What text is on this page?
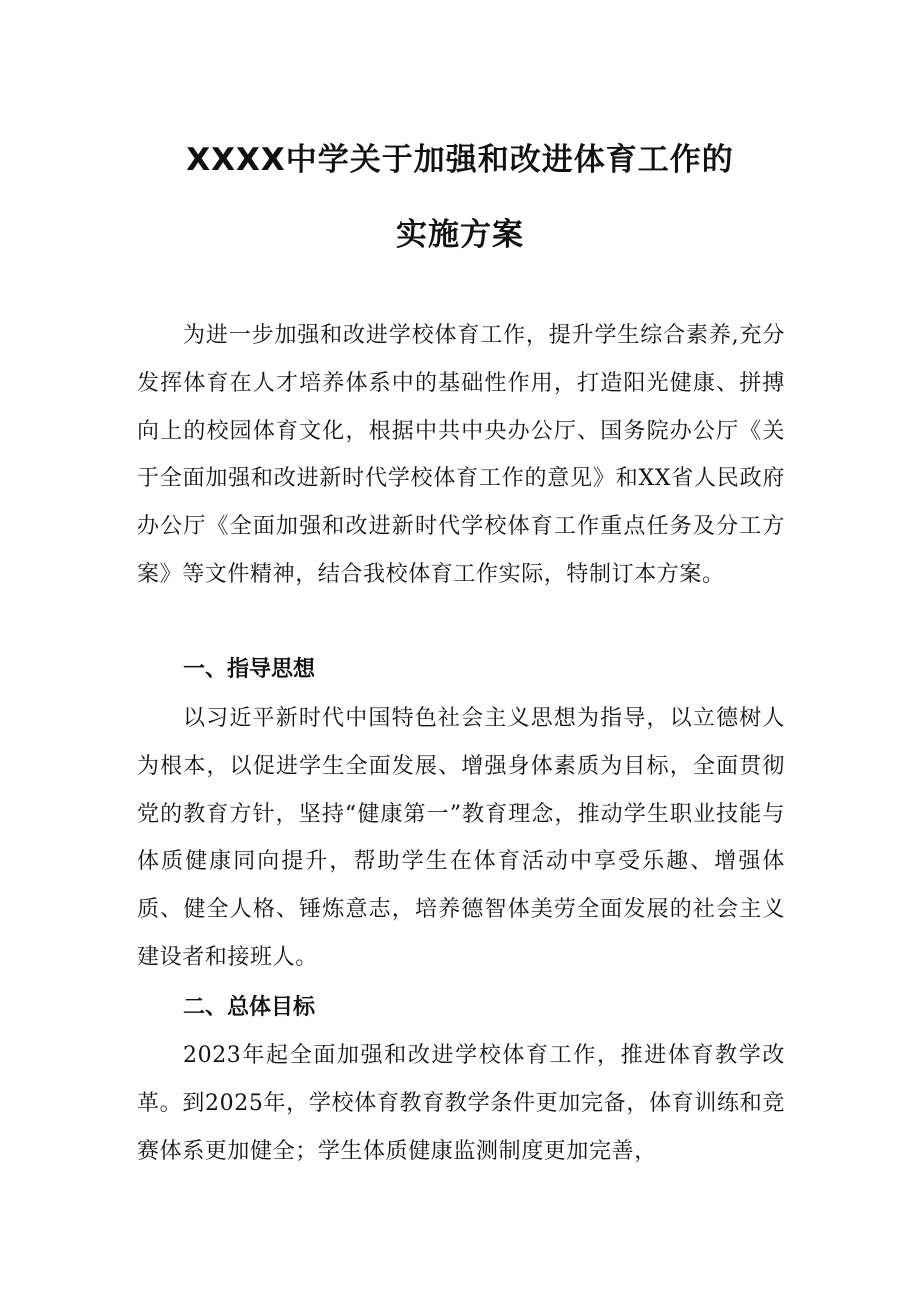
XXXX中学关于加强和改进体育工作的
实施方案

为进一步加强和改进学校体育工作，提升学生综合素养,充分发挥体育在人才培养体系中的基础性作用，打造阳光健康、拼搏向上的校园体育文化，根据中共中央办公厅、国务院办公厅《关于全面加强和改进新时代学校体育工作的意见》和XX省人民政府办公厅《全面加强和改进新时代学校体育工作重点任务及分工方案》等文件精神，结合我校体育工作实际，特制订本方案。

一、指导思想

以习近平新时代中国特色社会主义思想为指导，以立德树人为根本，以促进学生全面发展、增强身体素质为目标，全面贯彻党的教育方针，坚持“健康第一”教育理念，推动学生职业技能与体质健康同向提升，帮助学生在体育活动中享受乐趣、增强体质、健全人格、锤炼意志，培养德智体美劳全面发展的社会主义建设者和接班人。

二、总体目标

2023年起全面加强和改进学校体育工作，推进体育教学改革。到2025年，学校体育教育教学条件更加完备，体育训练和竞赛体系更加健全；学生体质健康监测制度更加完善，
